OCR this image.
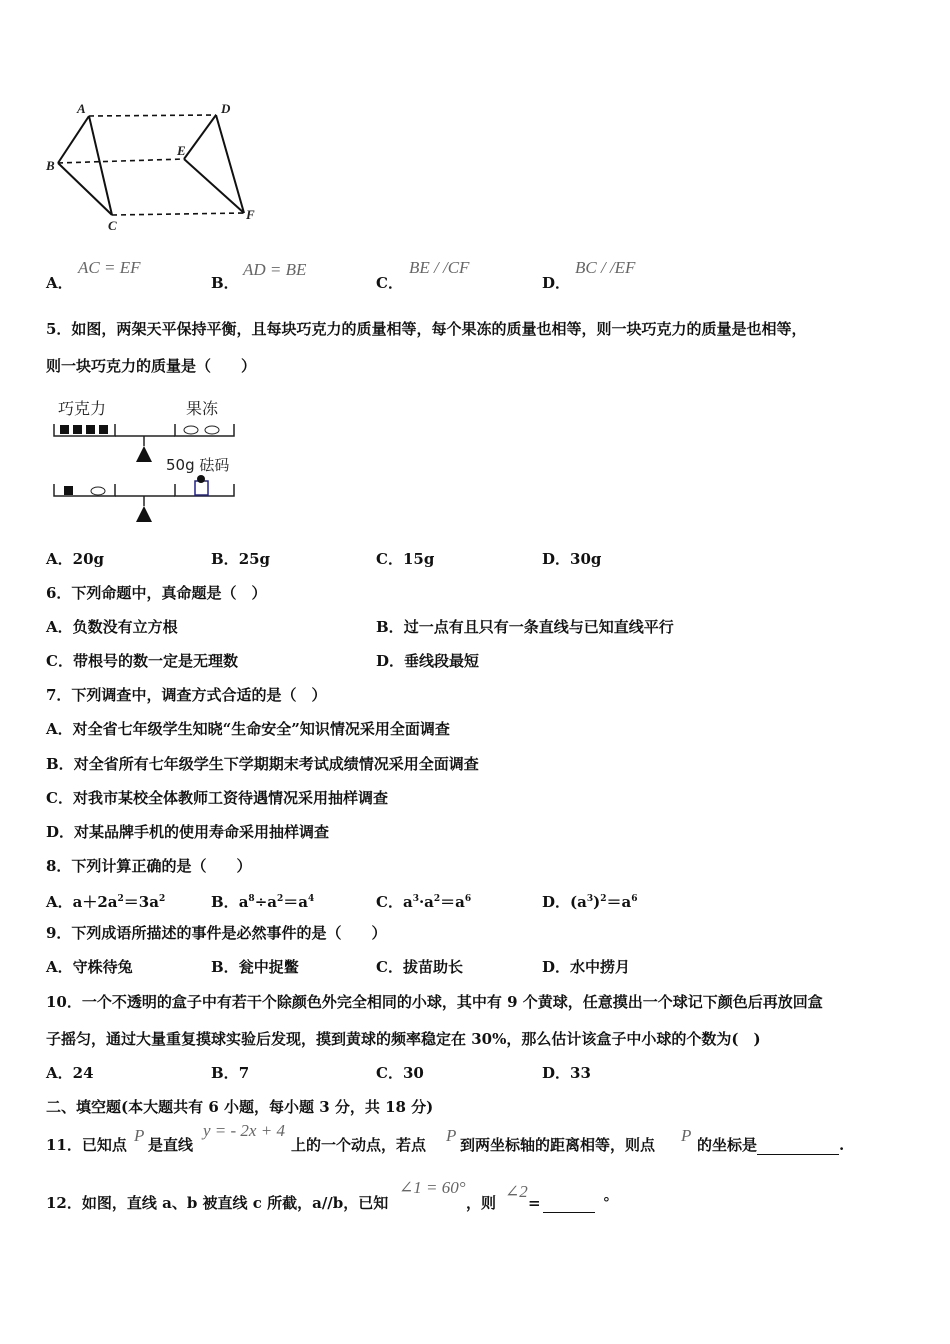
A	D
B
E
C
F
A．
AC = EF
B．
AD = BE
C．
BE / /CF
D．
BC / /EF
5．如图，两架天平保持平衡，且每块巧克力的质量相等，每个果冻的质量也相等，则一块巧克力的质量是也相等，
则一块巧克力的质量是（　　）
巧克力	果冻
50g 砝码
A．20g	B．25g	C．15g	D．30g
6．下列命题中，真命题是（　）
A．负数没有立方根	B．过一点有且只有一条直线与已知直线平行
C．带根号的数一定是无理数	D．垂线段最短
7．下列调查中，调查方式合适的是（　）
A．对全省七年级学生知晓“生命安全”知识情况采用全面调查
B．对全省所有七年级学生下学期期末考试成绩情况采用全面调查
C．对我市某校全体教师工资待遇情况采用抽样调查
D．对某品牌手机的使用寿命采用抽样调查
8．下列计算正确的是（　　）
A．$a+2a^2=3a^2$	B．$a^8\div a^2=a^4$	C．$a^3\cdot a^2=a^6$	D．$(a^3)^2=a^6$
9．下列成语所描述的事件是必然事件的是（　　）
A．守株待兔	B．瓮中捉鳖	C．拔苗助长	D．水中捞月
10．一个不透明的盒子中有若干个除颜色外完全相同的小球，其中有 9 个黄球，任意摸出一个球记下颜色后再放回盒
子摇匀，通过大量重复摸球实验后发现，摸到黄球的频率稳定在 30%，那么估计该盒子中小球的个数为(　)
A．24	B．7	C．30	D．33
二、填空题(本大题共有 6 小题，每小题 3 分，共 18 分)
11．已知点 P 是直线
y = - 2x + 4
上的一个动点，若点 P 到两坐标轴的距离相等，则点 P 的坐标是	.
12．如图，直线 a、b 被直线 c 所截，a//b，已知
∠1 = 60°
，则
∠2
=	°
